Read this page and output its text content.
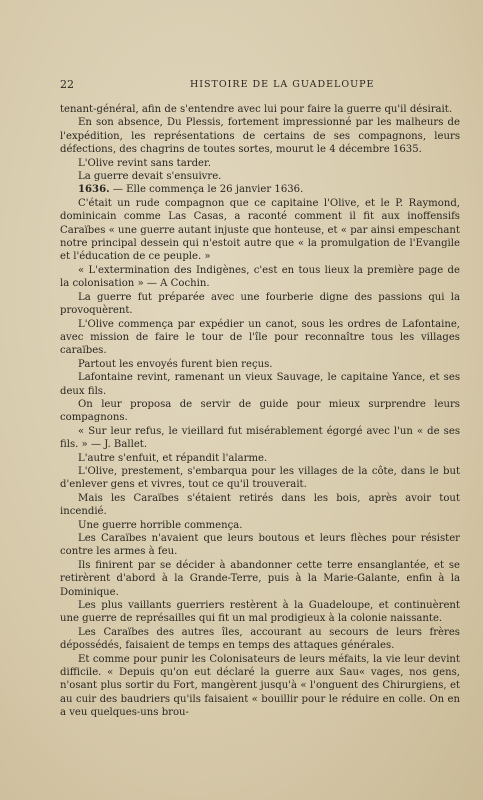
22	HISTOIRE DE LA GUADELOUPE

tenant-général, afin de s'entendre avec lui pour faire la guerre qu'il désirait.

En son absence, Du Plessis, fortement impressionné par les malheurs de l'expédition, les représentations de certains de ses compagnons, leurs défections, des chagrins de toutes sortes, mourut le 4 décembre 1635.

L'Olive revint sans tarder.

La guerre devait s'ensuivre.

1636. — Elle commença le 26 janvier 1636.

C'était un rude compagnon que ce capitaine l'Olive, et le P. Raymond, dominicain comme Las Casas, a raconté comment il fit aux inoffensifs Caraïbes « une guerre autant injuste que honteuse, et « par ainsi empeschant notre principal dessein qui n'estoit autre que « la promulgation de l'Evangile et l'éducation de ce peuple. »

« L'extermination des Indigènes, c'est en tous lieux la première page de la colonisation » — A Cochin.

La guerre fut préparée avec une fourberie digne des passions qui la provoquèrent.

L'Olive commença par expédier un canot, sous les ordres de Lafontaine, avec mission de faire le tour de l'île pour reconnaître tous les villages caraïbes.

Partout les envoyés furent bien reçus.

Lafontaine revint, ramenant un vieux Sauvage, le capitaine Yance, et ses deux fils.

On leur proposa de servir de guide pour mieux surprendre leurs compagnons.

« Sur leur refus, le vieillard fut misérablement égorgé avec l'un « de ses fils. » — J. Ballet.

L'autre s'enfuit, et répandit l'alarme.

L'Olive, prestement, s'embarqua pour les villages de la côte, dans le but d'enlever gens et vivres, tout ce qu'il trouverait.

Mais les Caraïbes s'étaient retirés dans les bois, après avoir tout incendié.

Une guerre horrible commença.

Les Caraïbes n'avaient que leurs boutous et leurs flèches pour résister contre les armes à feu.

Ils finirent par se décider à abandonner cette terre ensanglantée, et se retirèrent d'abord à la Grande-Terre, puis à la Marie-Galante, enfin à la Dominique.

Les plus vaillants guerriers restèrent à la Guadeloupe, et continuèrent une guerre de représailles qui fit un mal prodigieux à la colonie naissante.

Les Caraïbes des autres îles, accourant au secours de leurs frères dépossédés, faisaient de temps en temps des attaques générales.

Et comme pour punir les Colonisateurs de leurs méfaits, la vie leur devint difficile. « Depuis qu'on eut déclaré la guerre aux Sau« vages, nos gens, n'osant plus sortir du Fort, mangèrent jusqu'à « l'onguent des Chirurgiens, et au cuir des baudriers qu'ils faisaient « bouillir pour le réduire en colle. On en a veu quelques-uns brou-
